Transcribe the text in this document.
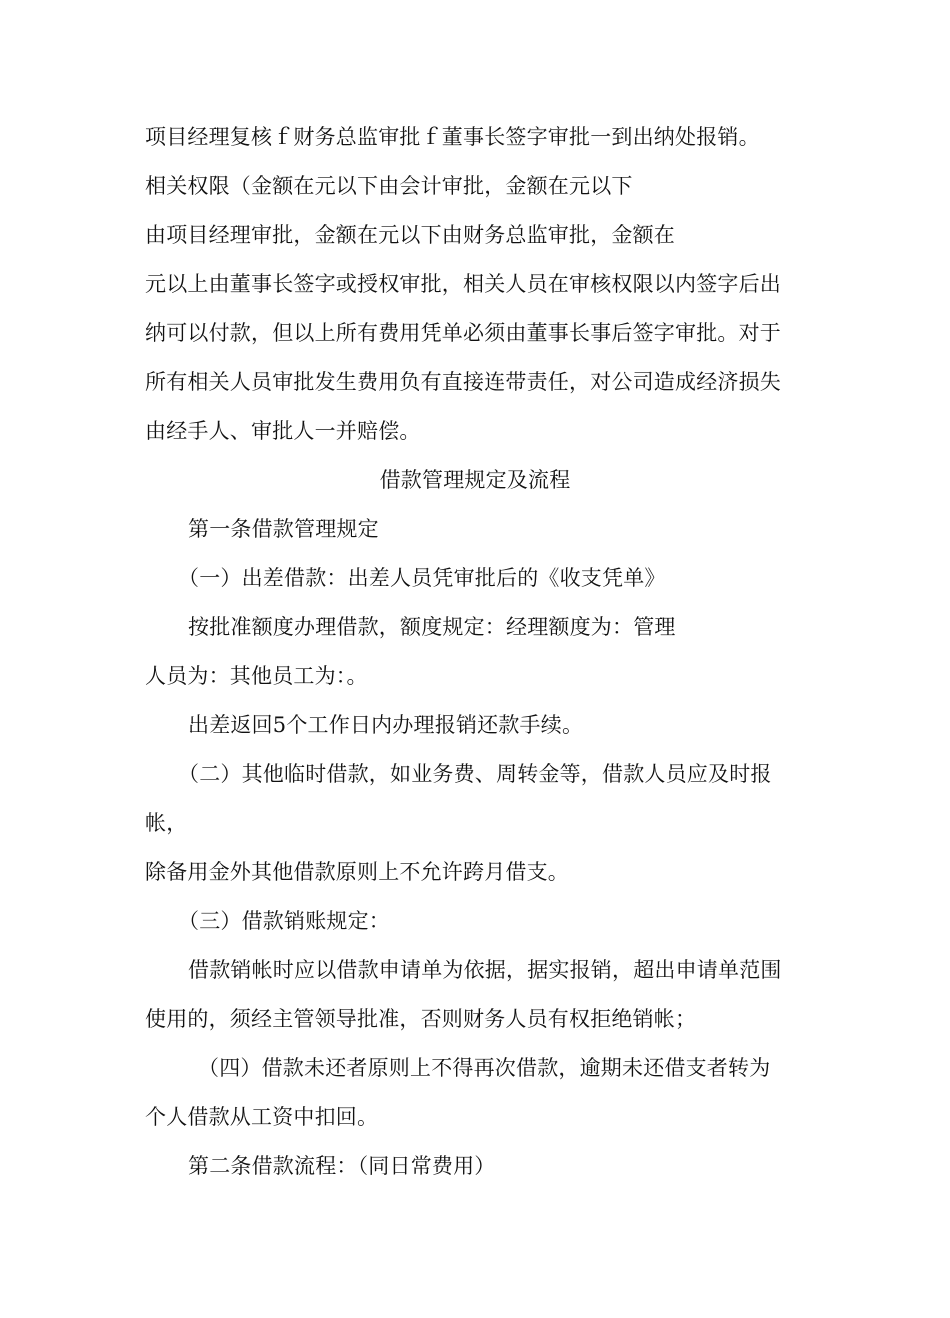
项目经理复核ｆ财务总监审批ｆ董事长签字审批一到出纳处报销。
相关权限（金额在元以下由会计审批，金额在元以下
由项目经理审批，金额在元以下由财务总监审批，金额在
元以上由董事长签字或授权审批，相关人员在审核权限以内签字后出
纳可以付款，但以上所有费用凭单必须由董事长事后签字审批。对于
所有相关人员审批发生费用负有直接连带责任，对公司造成经济损失
由经手人、审批人一并赔偿。
借款管理规定及流程
第一条借款管理规定
（一）出差借款：出差人员凭审批后的《收支凭单》
按批准额度办理借款，额度规定：经理额度为：管理
人员为：其他员工为：。
出差返回5个工作日内办理报销还款手续。
（二）其他临时借款，如业务费、周转金等，借款人员应及时报
帐，
除备用金外其他借款原则上不允许跨月借支。
（三）借款销账规定：
借款销帐时应以借款申请单为依据，据实报销，超出申请单范围
使用的，须经主管领导批准，否则财务人员有权拒绝销帐；
（四）借款未还者原则上不得再次借款，逾期未还借支者转为
个人借款从工资中扣回。
第二条借款流程：（同日常费用）
